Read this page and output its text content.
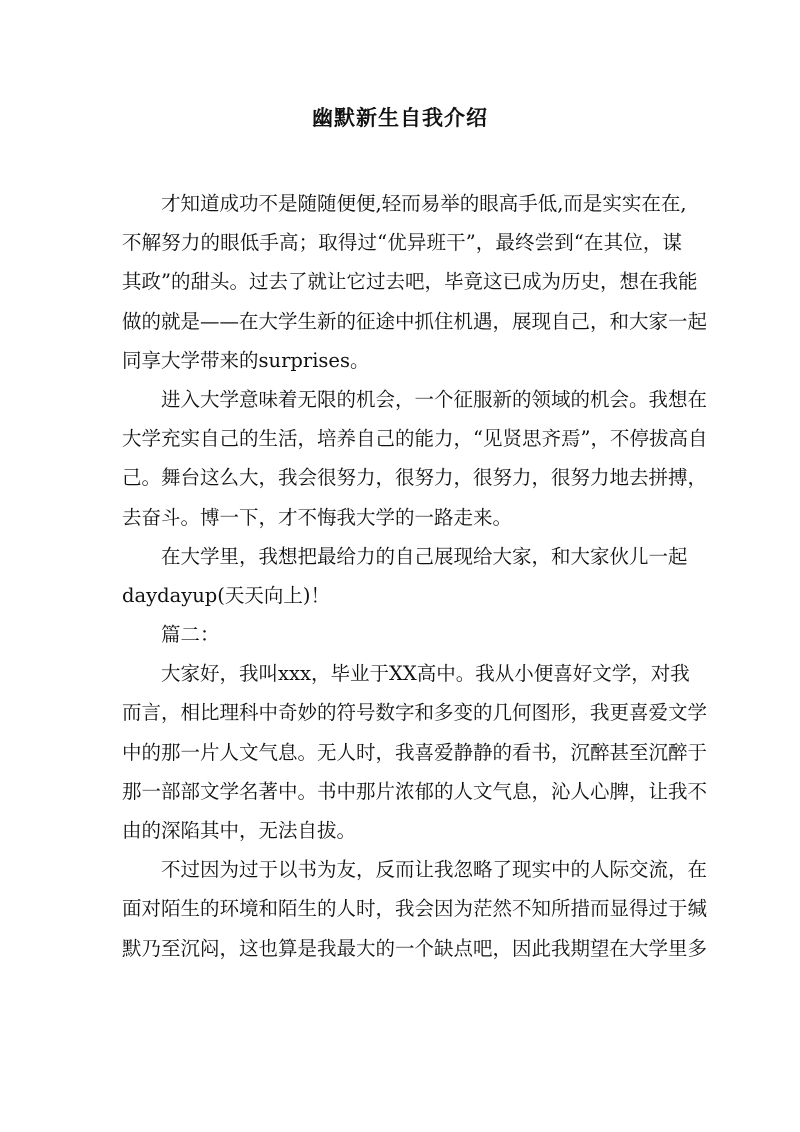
幽默新生自我介绍
才知道成功不是随随便便,轻而易举的眼高手低,而是实实在在,
不解努力的眼低手高；取得过“优异班干”，最终尝到“在其位，谋
其政”的甜头。过去了就让它过去吧，毕竟这已成为历史，想在我能
做的就是——在大学生新的征途中抓住机遇，展现自己，和大家一起
同享大学带来的surprises。
进入大学意味着无限的机会，一个征服新的领域的机会。我想在
大学充实自己的生活，培养自己的能力，“见贤思齐焉”，不停拔高自
己。舞台这么大，我会很努力，很努力，很努力，很努力地去拼搏，
去奋斗。博一下，才不悔我大学的一路走来。
在大学里，我想把最给力的自己展现给大家，和大家伙儿一起
daydayup(天天向上)！
篇二：
大家好，我叫xxx，毕业于XX高中。我从小便喜好文学，对我
而言，相比理科中奇妙的符号数字和多变的几何图形，我更喜爱文学
中的那一片人文气息。无人时，我喜爱静静的看书，沉醉甚至沉醉于
那一部部文学名著中。书中那片浓郁的人文气息，沁人心脾，让我不
由的深陷其中，无法自拔。
不过因为过于以书为友，反而让我忽略了现实中的人际交流，在
面对陌生的环境和陌生的人时，我会因为茫然不知所措而显得过于缄
默乃至沉闷，这也算是我最大的一个缺点吧，因此我期望在大学里多
